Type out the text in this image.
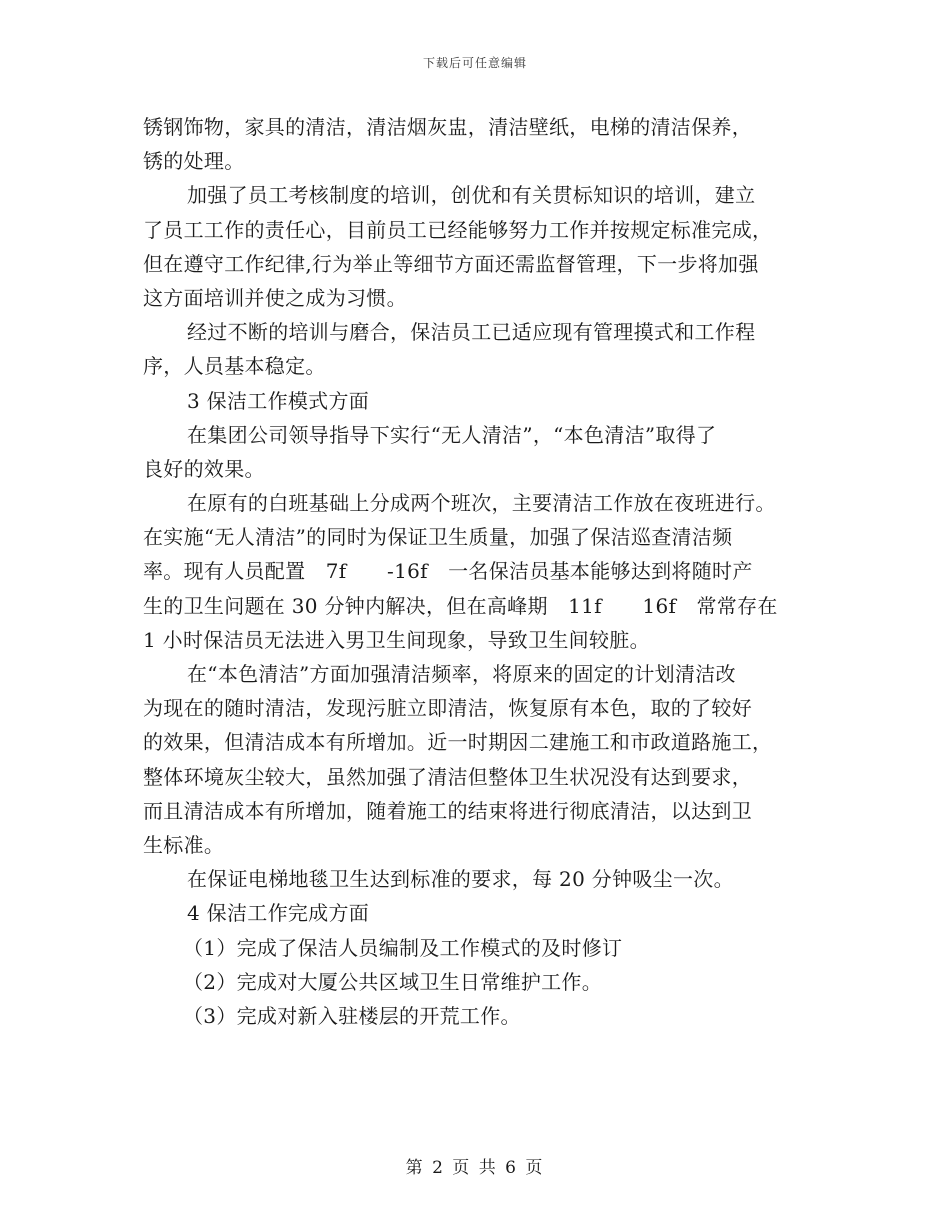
下载后可任意编辑
锈钢饰物，家具的清洁，清洁烟灰盅，清洁壁纸，电梯的清洁保养，
锈的处理。
加强了员工考核制度的培训，创优和有关贯标知识的培训，建立
了员工工作的责任心，目前员工已经能够努力工作并按规定标准完成，
但在遵守工作纪律,行为举止等细节方面还需监督管理，下一步将加强
这方面培训并使之成为习惯。
经过不断的培训与磨合，保洁员工已适应现有管理摸式和工作程
序，人员基本稳定。
3 保洁工作模式方面
在集团公司领导指导下实行“无人清洁”，“本色清洁”取得了
良好的效果。
在原有的白班基础上分成两个班次，主要清洁工作放在夜班进行。
在实施“无人清洁”的同时为保证卫生质量，加强了保洁巡查清洁频
率。现有人员配置　7f　　-16f　一名保洁员基本能够达到将随时产
生的卫生问题在 30 分钟内解决，但在高峰期　11f　　16f　常常存在
1 小时保洁员无法进入男卫生间现象，导致卫生间较脏。
在“本色清洁”方面加强清洁频率，将原来的固定的计划清洁改
为现在的随时清洁，发现污脏立即清洁，恢复原有本色，取的了较好
的效果，但清洁成本有所增加。近一时期因二建施工和市政道路施工，
整体环境灰尘较大，虽然加强了清洁但整体卫生状况没有达到要求，
而且清洁成本有所增加，随着施工的结束将进行彻底清洁，以达到卫
生标准。
在保证电梯地毯卫生达到标准的要求，每 20 分钟吸尘一次。
4 保洁工作完成方面
（1）完成了保洁人员编制及工作模式的及时修订
（2）完成对大厦公共区域卫生日常维护工作。
（3）完成对新入驻楼层的开荒工作。
第 2 页 共 6 页
